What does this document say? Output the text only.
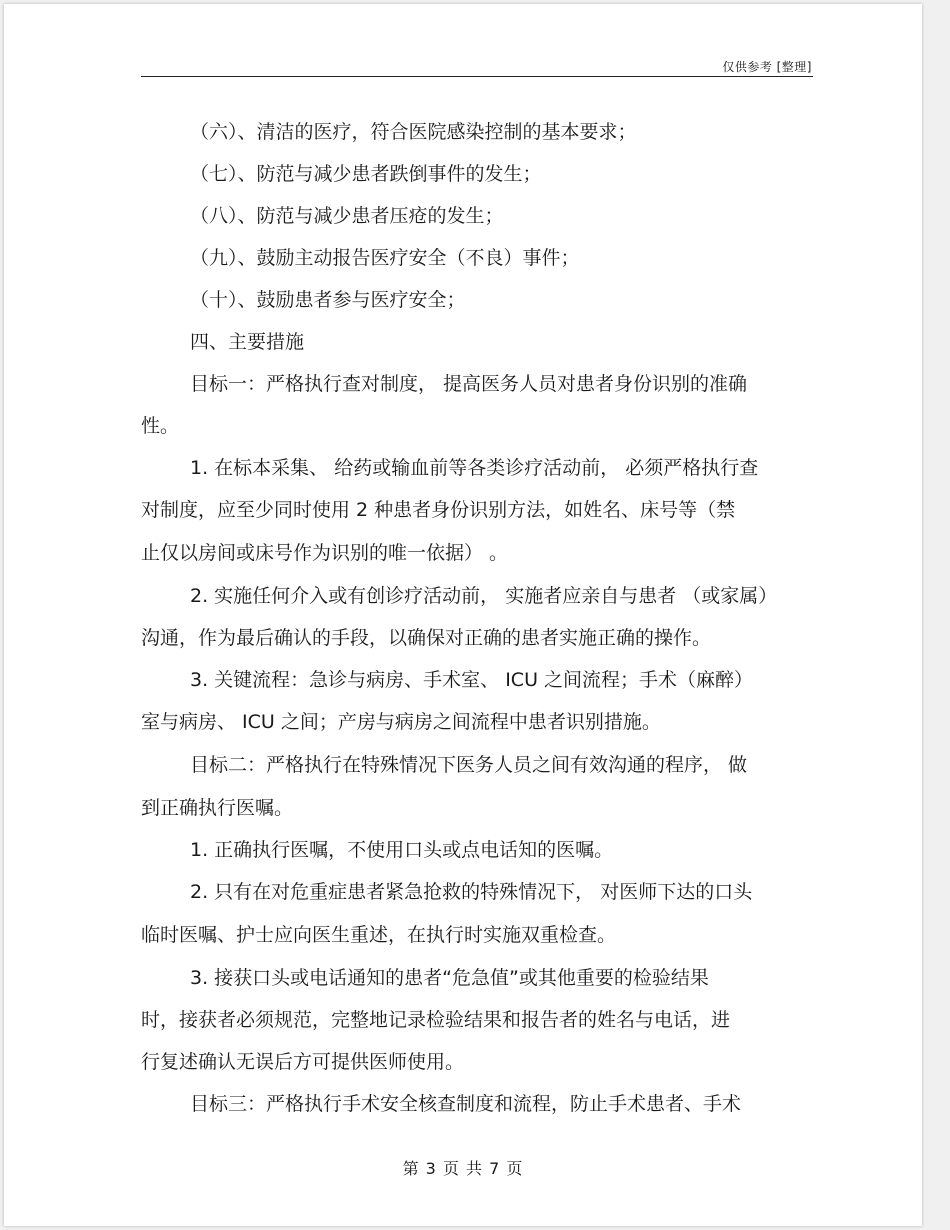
仅供参考 [整理]
（六）、清洁的医疗，符合医院感染控制的基本要求；
（七）、防范与减少患者跌倒事件的发生；
（八）、防范与减少患者压疮的发生；
（九）、鼓励主动报告医疗安全（不良）事件；
（十）、鼓励患者参与医疗安全；
四、主要措施
目标一：严格执行查对制度， 提高医务人员对患者身份识别的准确
性。
1. 在标本采集、 给药或输血前等各类诊疗活动前， 必须严格执行查
对制度，应至少同时使用 2 种患者身份识别方法，如姓名、床号等（禁
止仅以房间或床号作为识别的唯一依据） 。
2. 实施任何介入或有创诊疗活动前， 实施者应亲自与患者 （或家属）
沟通，作为最后确认的手段，以确保对正确的患者实施正确的操作。
3. 关键流程：急诊与病房、手术室、 ICU 之间流程；手术（麻醉）
室与病房、 ICU 之间；产房与病房之间流程中患者识别措施。
目标二：严格执行在特殊情况下医务人员之间有效沟通的程序， 做
到正确执行医嘱。
1. 正确执行医嘱，不使用口头或点电话知的医嘱。
2. 只有在对危重症患者紧急抢救的特殊情况下， 对医师下达的口头
临时医嘱、护士应向医生重述，在执行时实施双重检查。
3. 接获口头或电话通知的患者“危急值”或其他重要的检验结果
时，接获者必须规范，完整地记录检验结果和报告者的姓名与电话，进
行复述确认无误后方可提供医师使用。
目标三：严格执行手术安全核查制度和流程，防止手术患者、手术
第 3 页 共 7 页
